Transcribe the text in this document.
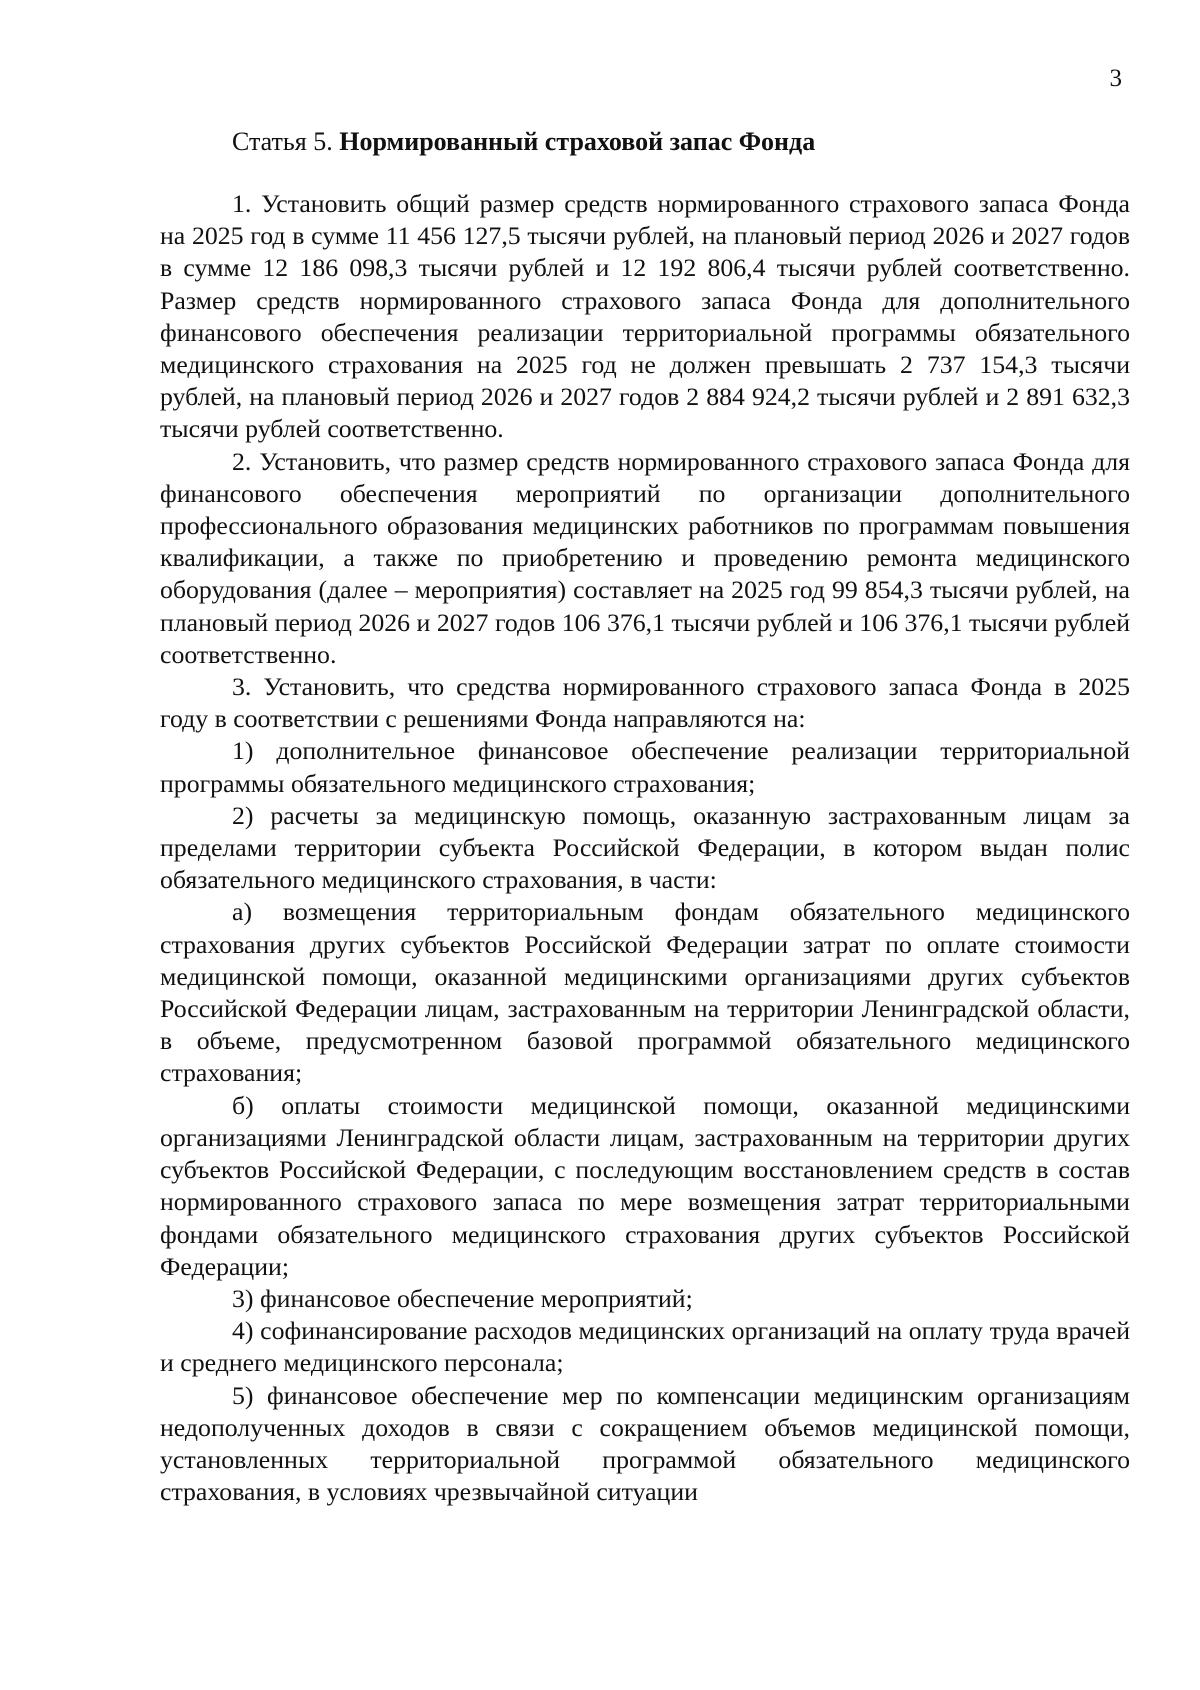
3
Статья 5. Нормированный страховой запас Фонда

1. Установить общий размер средств нормированного страхового запаса Фонда на 2025 год в сумме 11 456 127,5 тысячи рублей, на плановый период 2026 и 2027 годов в сумме 12 186 098,3 тысячи рублей и 12 192 806,4 тысячи рублей соответственно. Размер средств нормированного страхового запаса Фонда для дополнительного финансового обеспечения реализации территориальной программы обязательного медицинского страхования на 2025 год не должен превышать 2 737 154,3 тысячи рублей, на плановый период 2026 и 2027 годов 2 884 924,2 тысячи рублей и 2 891 632,3 тысячи рублей соответственно.

2. Установить, что размер средств нормированного страхового запаса Фонда для финансового обеспечения мероприятий по организации дополнительного профессионального образования медицинских работников по программам повышения квалификации, а также по приобретению и проведению ремонта медицинского оборудования (далее – мероприятия) составляет на 2025 год 99 854,3 тысячи рублей, на плановый период 2026 и 2027 годов 106 376,1 тысячи рублей и 106 376,1 тысячи рублей соответственно.

3. Установить, что средства нормированного страхового запаса Фонда в 2025 году в соответствии с решениями Фонда направляются на:

1) дополнительное финансовое обеспечение реализации территориальной программы обязательного медицинского страхования;

2) расчеты за медицинскую помощь, оказанную застрахованным лицам за пределами территории субъекта Российской Федерации, в котором выдан полис обязательного медицинского страхования, в части:

а) возмещения территориальным фондам обязательного медицинского страхования других субъектов Российской Федерации затрат по оплате стоимости медицинской помощи, оказанной медицинскими организациями других субъектов Российской Федерации лицам, застрахованным на территории Ленинградской области, в объеме, предусмотренном базовой программой обязательного медицинского страхования;

б) оплаты стоимости медицинской помощи, оказанной медицинскими организациями Ленинградской области лицам, застрахованным на территории других субъектов Российской Федерации, с последующим восстановлением средств в состав нормированного страхового запаса по мере возмещения затрат территориальными фондами обязательного медицинского страхования других субъектов Российской Федерации;

3) финансовое обеспечение мероприятий;

4) софинансирование расходов медицинских организаций на оплату труда врачей и среднего медицинского персонала;

5) финансовое обеспечение мер по компенсации медицинским организациям недополученных доходов в связи с сокращением объемов медицинской помощи, установленных территориальной программой обязательного медицинского страхования, в условиях чрезвычайной ситуации
